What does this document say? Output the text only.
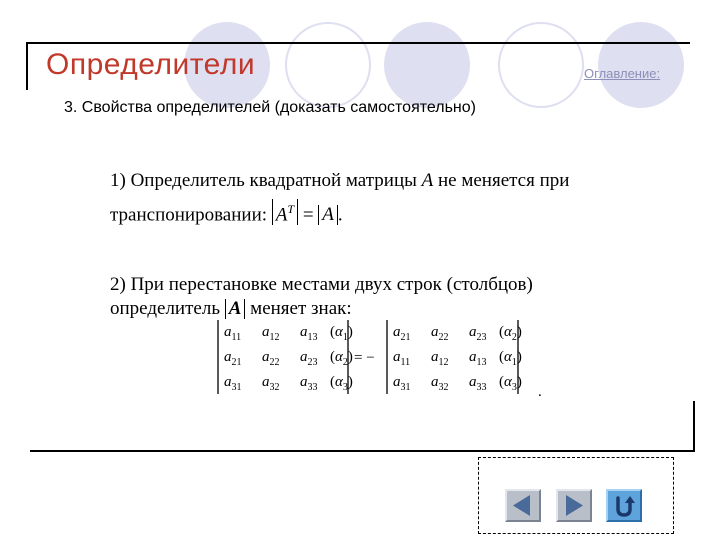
Определители	Оглавление:
3. Свойства определителей (доказать самостоятельно)
1) Определитель квадратной матрицы A не меняется при
транспонировании: $A^T = A$ .
2) При перестановке местами двух строк (столбцов)
определитель A меняет знак:
$a_{11}$ $a_{12}$ $a_{13}$ $(\alpha_1)$
$a_{21}$ $a_{22}$ $a_{23}$ $(\alpha_2)$
$a_{31}$ $a_{32}$ $a_{33}$ $(\alpha_3)$
= −
$a_{21}$ $a_{22}$ $a_{23}$ $(\alpha_2)$
$a_{11}$ $a_{12}$ $a_{13}$ $(\alpha_1)$
$a_{31}$ $a_{32}$ $a_{33}$ $(\alpha_3)$
.
